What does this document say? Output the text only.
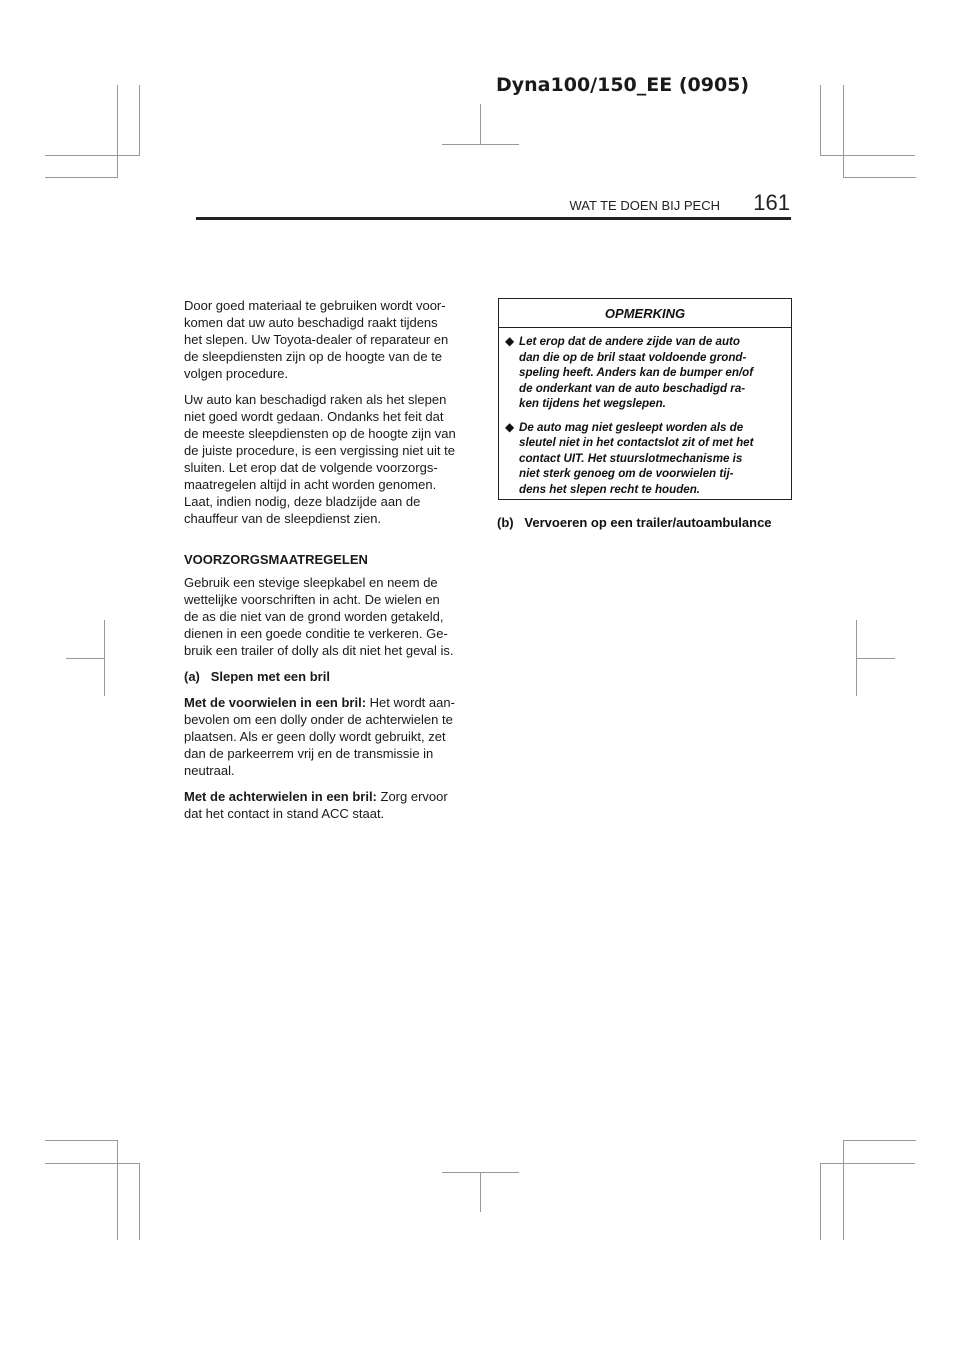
Dyna100/150_EE (0905)
WAT TE DOEN BIJ PECH	161

Door goed materiaal te gebruiken wordt voor-
komen dat uw auto beschadigd raakt tijdens
het slepen. Uw Toyota-dealer of reparateur en
de sleepdiensten zijn op de hoogte van de te
volgen procedure.

Uw auto kan beschadigd raken als het slepen
niet goed wordt gedaan. Ondanks het feit dat
de meeste sleepdiensten op de hoogte zijn van
de juiste procedure, is een vergissing niet uit te
sluiten. Let erop dat de volgende voorzorgs-
maatregelen altijd in acht worden genomen.
Laat, indien nodig, deze bladzijde aan de
chauffeur van de sleepdienst zien.

VOORZORGSMAATREGELEN

Gebruik een stevige sleepkabel en neem de
wettelijke voorschriften in acht. De wielen en
de as die niet van de grond worden getakeld,
dienen in een goede conditie te verkeren. Ge-
bruik een trailer of dolly als dit niet het geval is.

(a)   Slepen met een bril

Met de voorwielen in een bril: Het wordt aan-
bevolen om een dolly onder de achterwielen te
plaatsen. Als er geen dolly wordt gebruikt, zet
dan de parkeerrem vrij en de transmissie in
neutraal.

Met de achterwielen in een bril: Zorg ervoor
dat het contact in stand ACC staat.

OPMERKING
◆ Let erop dat de andere zijde van de auto
dan die op de bril staat voldoende grond-
speling heeft. Anders kan de bumper en/of
de onderkant van de auto beschadigd ra-
ken tijdens het wegslepen.
◆ De auto mag niet gesleept worden als de
sleutel niet in het contactslot zit of met het
contact UIT. Het stuurslotmechanisme is
niet sterk genoeg om de voorwielen tij-
dens het slepen recht te houden.
(b)   Vervoeren op een trailer/autoambulance
